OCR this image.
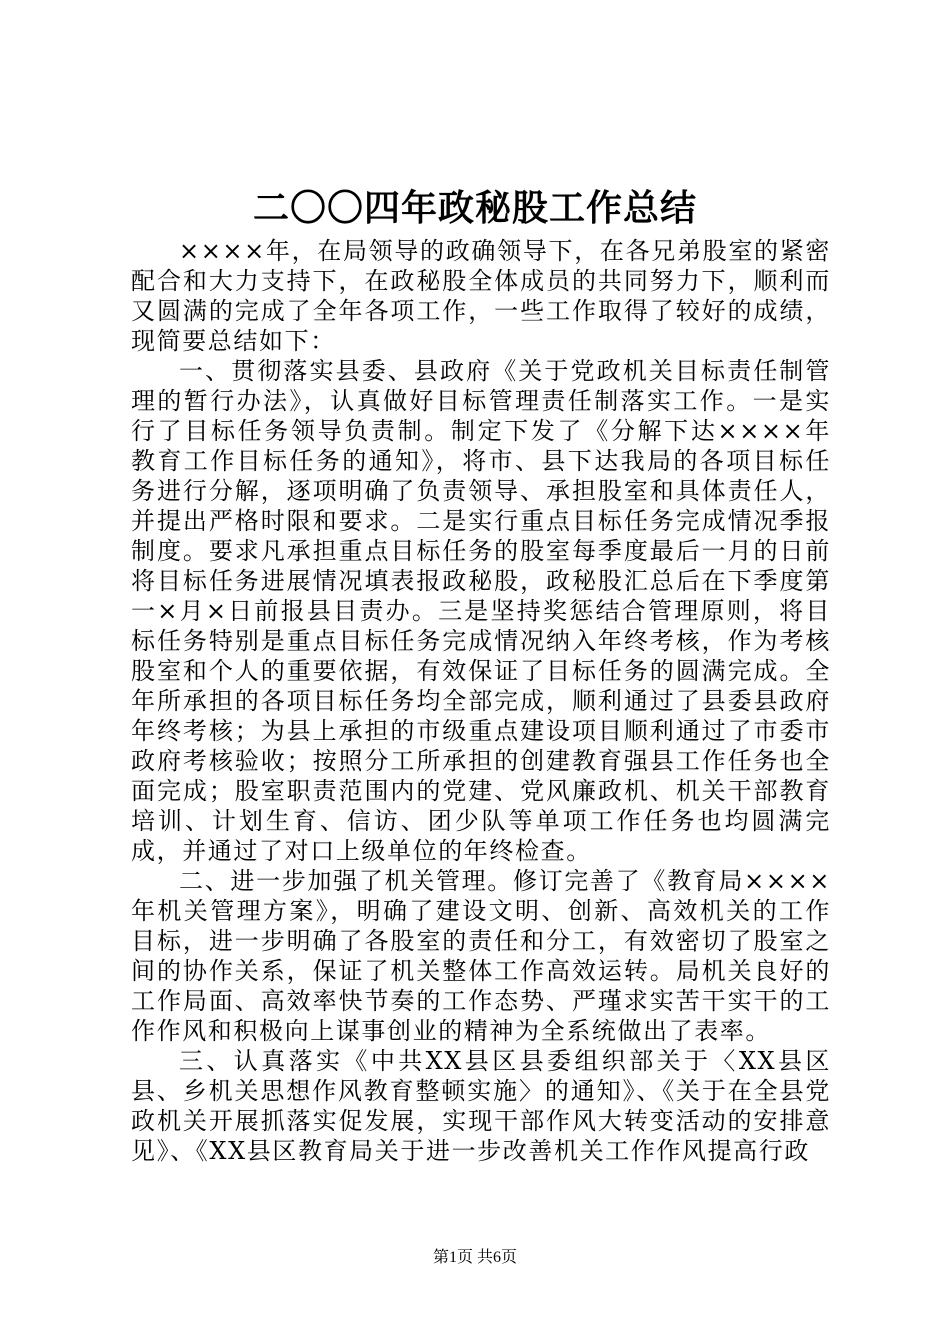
二〇〇四年政秘股工作总结

××××年，在局领导的政确领导下，在各兄弟股室的紧密配合和大力支持下，在政秘股全体成员的共同努力下，顺利而又圆满的完成了全年各项工作，一些工作取得了较好的成绩，现简要总结如下：

一、贯彻落实县委、县政府《关于党政机关目标责任制管理的暂行办法》，认真做好目标管理责任制落实工作。一是实行了目标任务领导负责制。制定下发了《分解下达××××年教育工作目标任务的通知》，将市、县下达我局的各项目标任务进行分解，逐项明确了负责领导、承担股室和具体责任人，并提出严格时限和要求。二是实行重点目标任务完成情况季报制度。要求凡承担重点目标任务的股室每季度最后一月的日前将目标任务进展情况填表报政秘股，政秘股汇总后在下季度第一×月×日前报县目责办。三是坚持奖惩结合管理原则，将目标任务特别是重点目标任务完成情况纳入年终考核，作为考核股室和个人的重要依据，有效保证了目标任务的圆满完成。全年所承担的各项目标任务均全部完成，顺利通过了县委县政府年终考核；为县上承担的市级重点建设项目顺利通过了市委市政府考核验收；按照分工所承担的创建教育强县工作任务也全面完成；股室职责范围内的党建、党风廉政机、机关干部教育培训、计划生育、信访、团少队等单项工作任务也均圆满完成，并通过了对口上级单位的年终检查。

二、进一步加强了机关管理。修订完善了《教育局××××年机关管理方案》，明确了建设文明、创新、高效机关的工作目标，进一步明确了各股室的责任和分工，有效密切了股室之间的协作关系，保证了机关整体工作高效运转。局机关良好的工作局面、高效率快节奏的工作态势、严瑾求实苦干实干的工作作风和积极向上谋事创业的精神为全系统做出了表率。

三、认真落实《中共XX县区县委组织部关于〈XX县区县、乡机关思想作风教育整顿实施〉的通知》、《关于在全县党政机关开展抓落实促发展，实现干部作风大转变活动的安排意见》、《XX县区教育局关于进一步改善机关工作作风提高行政

第1页 共6页
